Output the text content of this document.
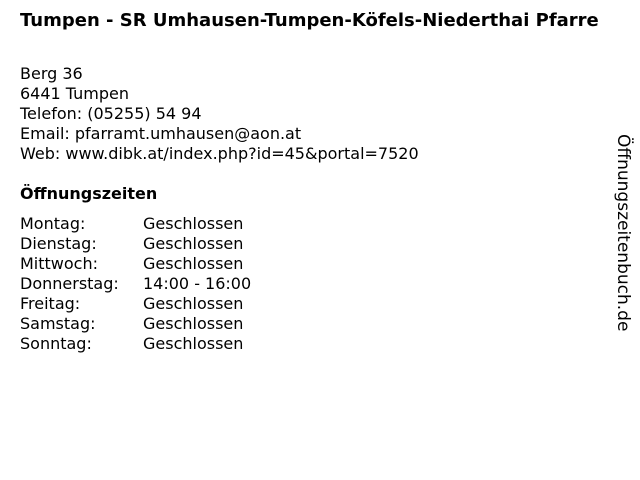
Tumpen - SR Umhausen-Tumpen-Köfels-Niederthai Pfarre
Berg 36
6441 Tumpen
Telefon: (05255) 54 94
Email: pfarramt.umhausen@aon.at
Web: www.dibk.at/index.php?id=45&portal=7520
Öffnungszeiten
Montag:	Geschlossen
Dienstag:	Geschlossen
Mittwoch:	Geschlossen
Donnerstag:	14:00 - 16:00
Freitag:	Geschlossen
Samstag:	Geschlossen
Sonntag:	Geschlossen
Öffnungszeitenbuch.de
